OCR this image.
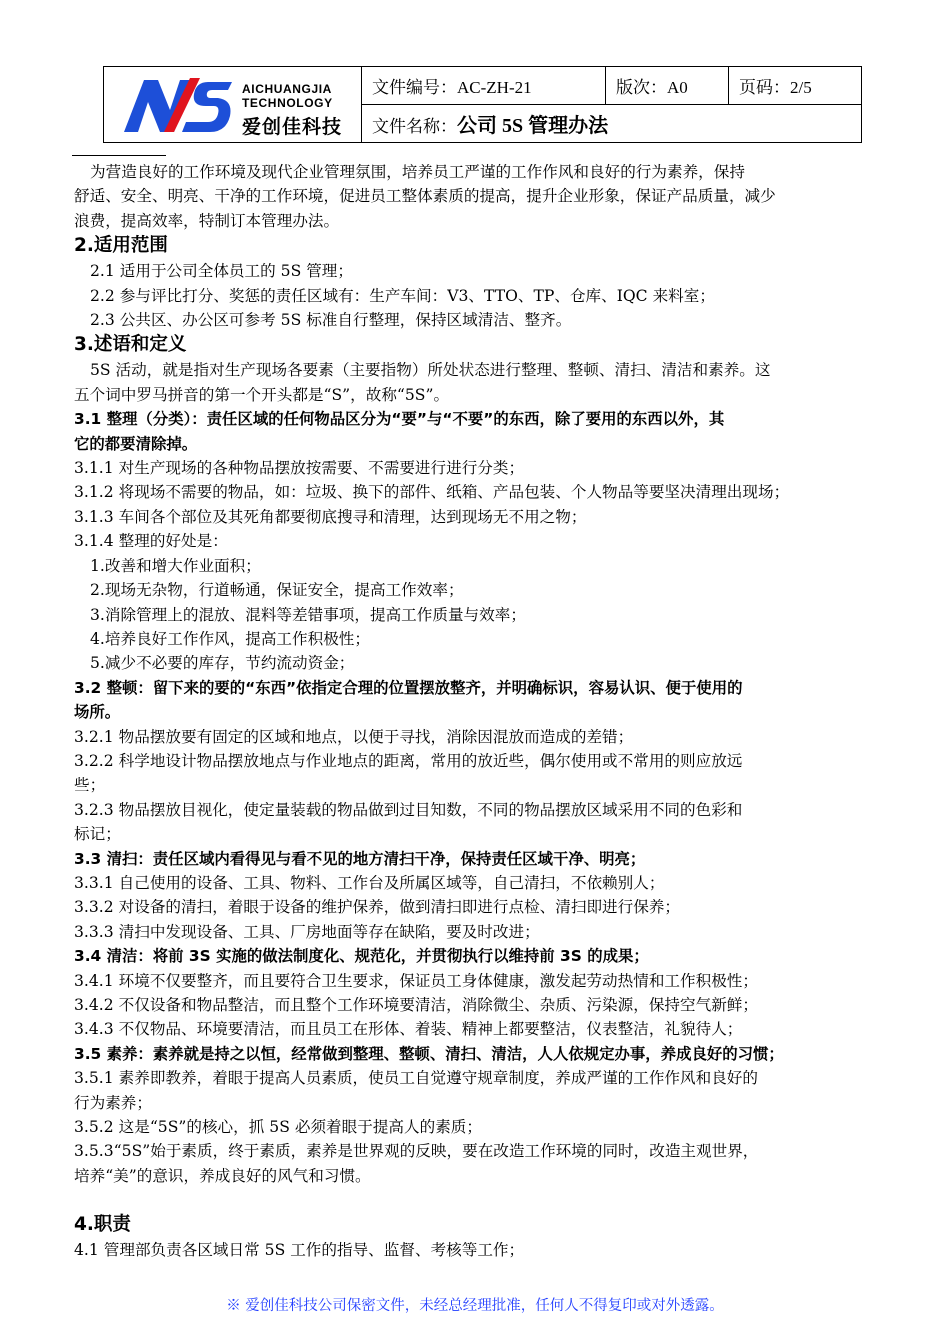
AICHUANGJIA
TECHNOLOGY
爱创佳科技
	文件编号：AC-ZH-21	版次：A0	页码：2/5
文件名称：公司 5S 管理办法

为营造良好的工作环境及现代企业管理氛围，培养员工严谨的工作作风和良好的行为素养，保持

舒适、安全、明亮、干净的工作环境，促进员工整体素质的提高，提升企业形象，保证产品质量，减少

浪费，提高效率，特制订本管理办法。

2.适用范围

2.1 适用于公司全体员工的 5S 管理；

2.2 参与评比打分、奖惩的责任区域有：生产车间：V3、TTO、TP、仓库、IQC 来料室；

2.3 公共区、办公区可参考 5S 标准自行整理，保持区域清洁、整齐。

3.述语和定义

5S 活动，就是指对生产现场各要素（主要指物）所处状态进行整理、整顿、清扫、清洁和素养。这

五个词中罗马拼音的第一个开头都是“S”，故称“5S”。

3.1 整理（分类）：责任区域的任何物品区分为“要”与“不要”的东西，除了要用的东西以外，其

它的都要清除掉。

3.1.1 对生产现场的各种物品摆放按需要、不需要进行进行分类；

3.1.2 将现场不需要的物品，如：垃圾、换下的部件、纸箱、产品包装、个人物品等要坚决清理出现场；

3.1.3 车间各个部位及其死角都要彻底搜寻和清理，达到现场无不用之物；

3.1.4 整理的好处是：

1.改善和增大作业面积；

2.现场无杂物，行道畅通，保证安全，提高工作效率；

3.消除管理上的混放、混料等差错事项，提高工作质量与效率；

4.培养良好工作作风，提高工作积极性；

5.减少不必要的库存，节约流动资金；

3.2 整顿：留下来的要的“东西”依指定合理的位置摆放整齐，并明确标识，容易认识、便于使用的

场所。

3.2.1 物品摆放要有固定的区域和地点，以便于寻找，消除因混放而造成的差错；

3.2.2 科学地设计物品摆放地点与作业地点的距离，常用的放近些，偶尔使用或不常用的则应放远

些；

3.2.3 物品摆放目视化，使定量装载的物品做到过目知数，不同的物品摆放区域采用不同的色彩和

标记；

3.3 清扫：责任区域内看得见与看不见的地方清扫干净，保持责任区域干净、明亮；

3.3.1 自己使用的设备、工具、物料、工作台及所属区域等，自己清扫，不依赖别人；

3.3.2 对设备的清扫，着眼于设备的维护保养，做到清扫即进行点检、清扫即进行保养；

3.3.3 清扫中发现设备、工具、厂房地面等存在缺陷，要及时改进；

3.4 清洁：将前 3S 实施的做法制度化、规范化，并贯彻执行以维持前 3S 的成果；

3.4.1 环境不仅要整齐，而且要符合卫生要求，保证员工身体健康，激发起劳动热情和工作积极性；

3.4.2 不仅设备和物品整洁，而且整个工作环境要清洁，消除微尘、杂质、污染源，保持空气新鲜；

3.4.3 不仅物品、环境要清洁，而且员工在形体、着装、精神上都要整洁，仪表整洁，礼貌待人；

3.5 素养：素养就是持之以恒，经常做到整理、整顿、清扫、清洁，人人依规定办事，养成良好的习惯；

3.5.1 素养即教养，着眼于提高人员素质，使员工自觉遵守规章制度，养成严谨的工作作风和良好的

行为素养；

3.5.2 这是“5S”的核心，抓 5S 必须着眼于提高人的素质；

3.5.3“5S”始于素质，终于素质，素养是世界观的反映，要在改造工作环境的同时，改造主观世界，

培养“美”的意识，养成良好的风气和习惯。

4.职责

4.1 管理部负责各区域日常 5S 工作的指导、监督、考核等工作；

※ 爱创佳科技公司保密文件，未经总经理批准，任何人不得复印或对外透露。
